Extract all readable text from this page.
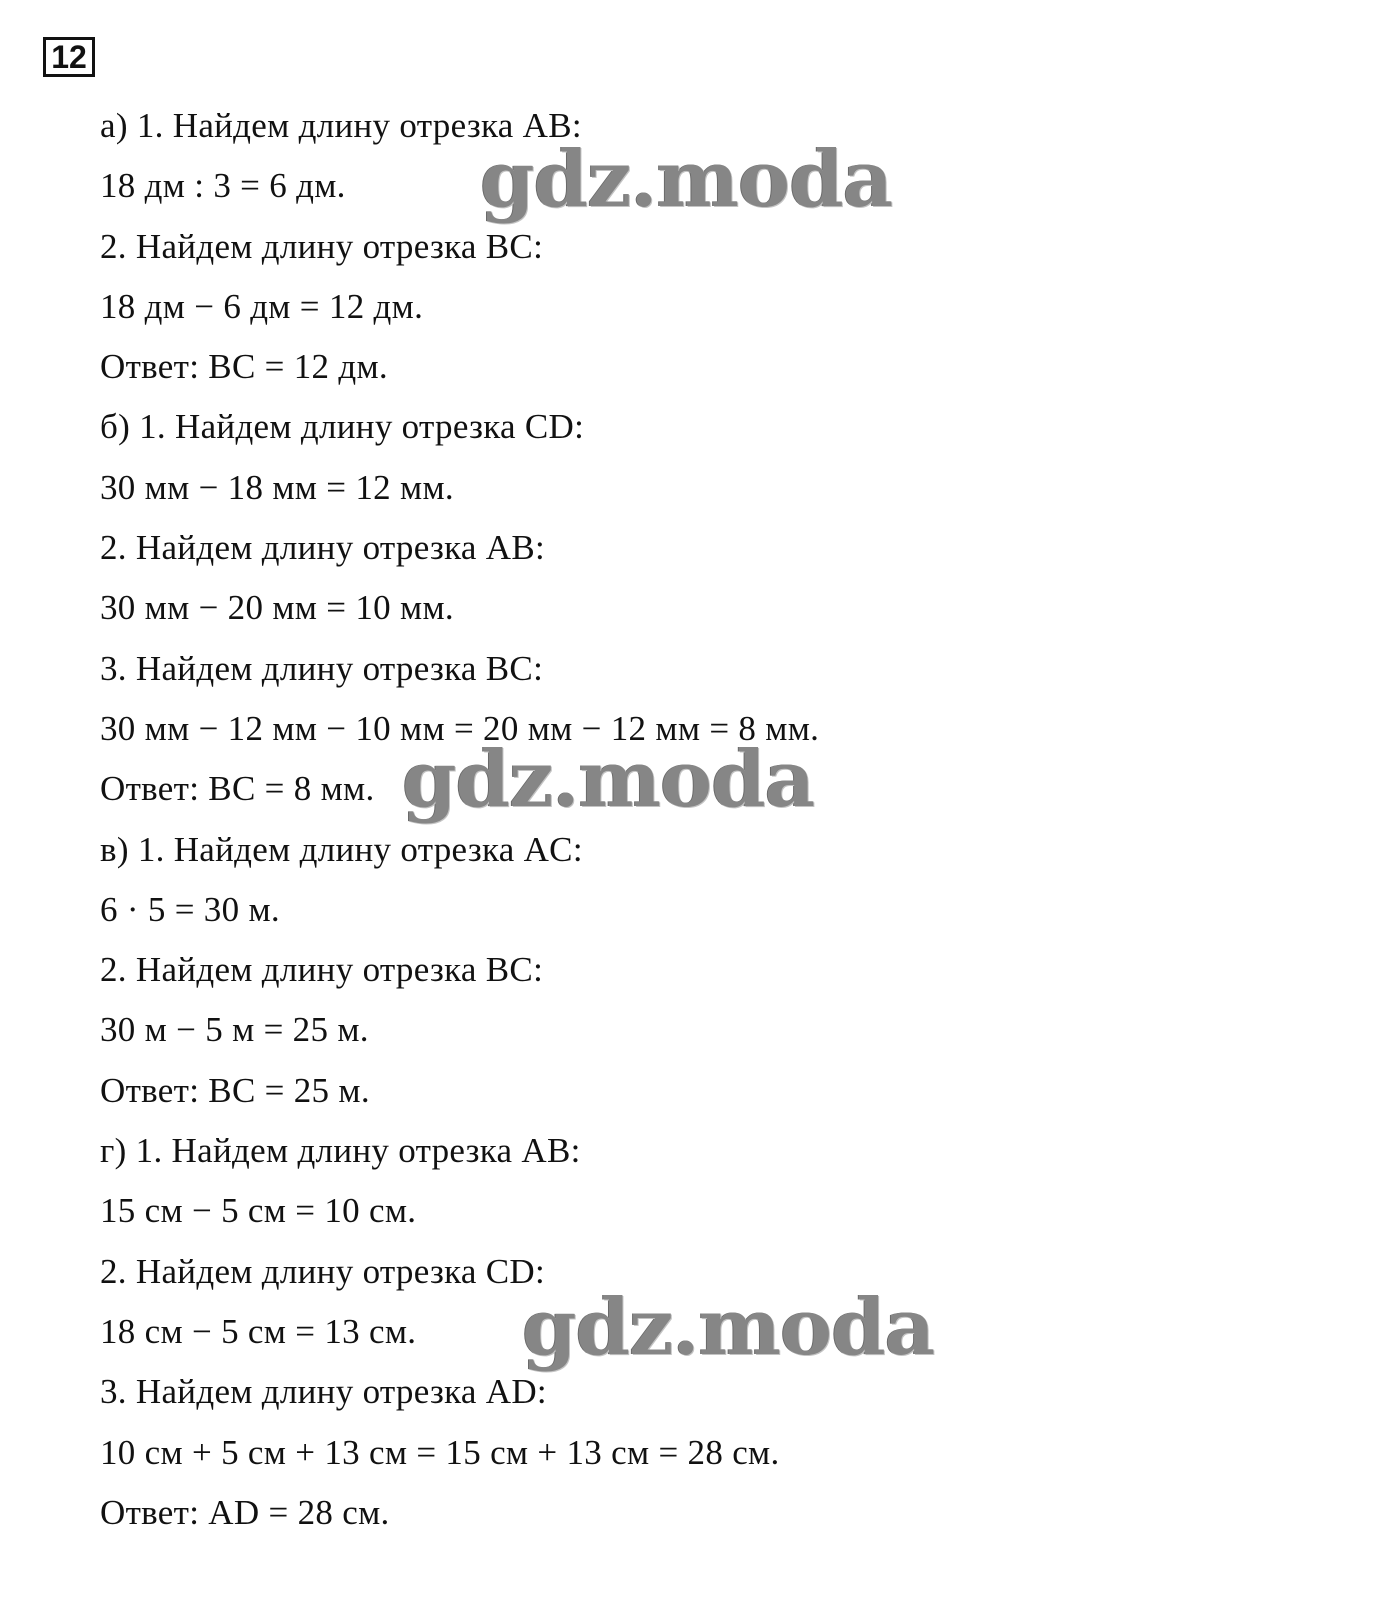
12
а) 1. Найдем длину отрезка AB:
18 дм : 3 = 6 дм.
2. Найдем длину отрезка BC:
18 дм − 6 дм = 12 дм.
Ответ: BC = 12 дм.
б) 1. Найдем длину отрезка CD:
30 мм − 18 мм = 12 мм.
2. Найдем длину отрезка AB:
30 мм − 20 мм = 10 мм.
3. Найдем длину отрезка BC:
30 мм − 12 мм − 10 мм = 20 мм − 12 мм = 8 мм.
Ответ: BC = 8 мм.
в) 1. Найдем длину отрезка AC:
6 · 5 = 30 м.
2. Найдем длину отрезка BC:
30 м − 5 м = 25 м.
Ответ: BC = 25 м.
г) 1. Найдем длину отрезка AB:
15 см − 5 см = 10 см.
2. Найдем длину отрезка CD:
18 см − 5 см = 13 см.
3. Найдем длину отрезка AD:
10 см + 5 см + 13 см = 15 см + 13 см = 28 см.
Ответ: AD = 28 см.
gdz.moda
gdz.moda
gdz.moda
